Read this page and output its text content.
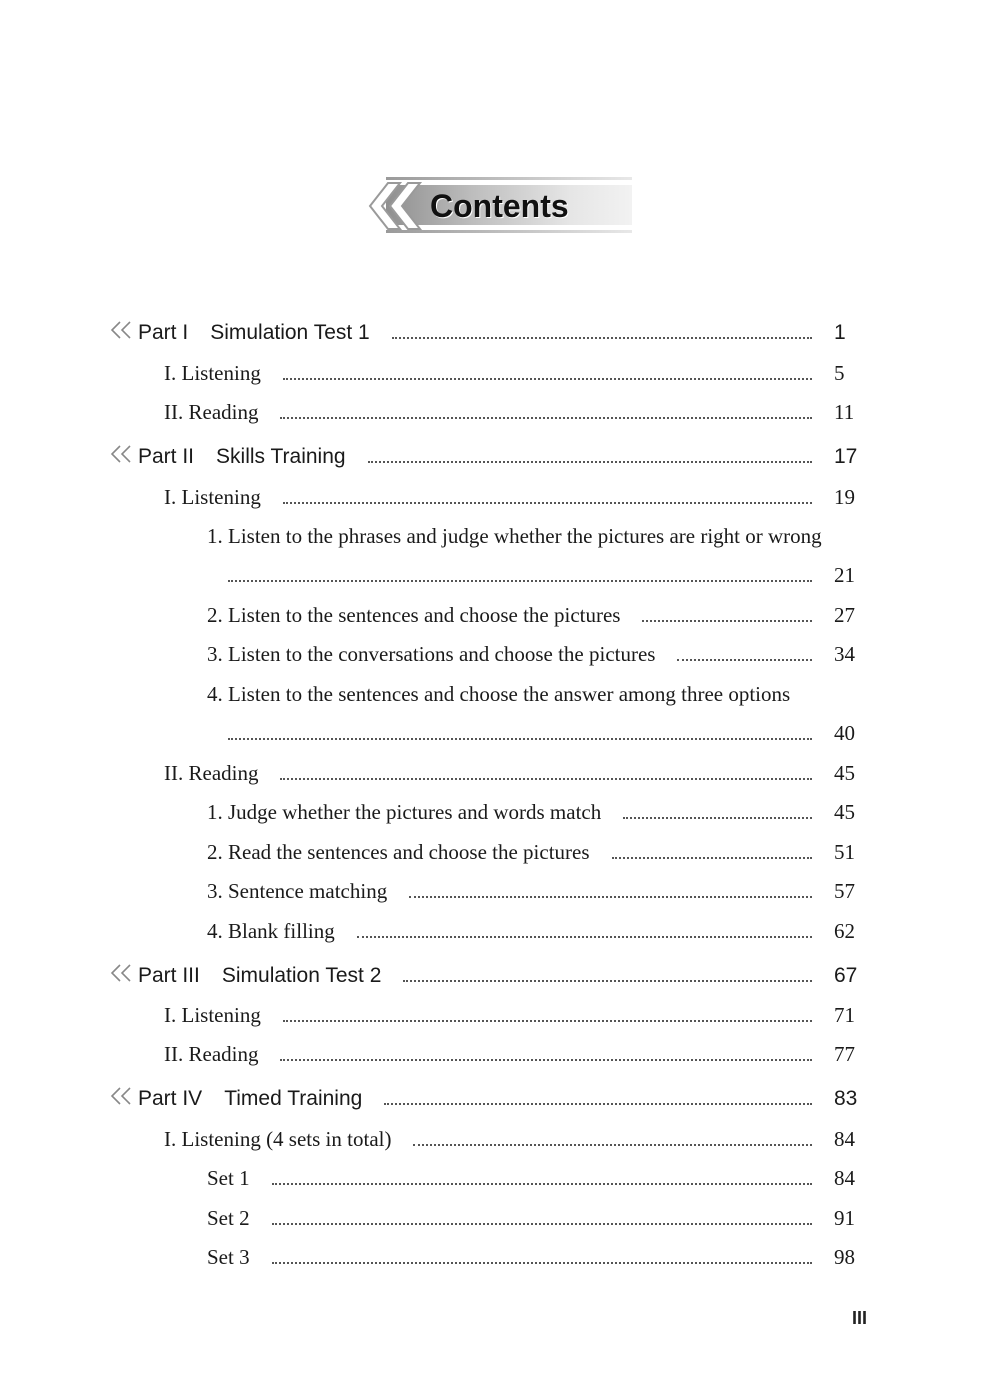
Contents
Part I Simulation Test 1	1
I. Listening	5
II. Reading	11
Part II Skills Training	17
I. Listening	19
1. Listen to the phrases and judge whether the pictures are right or wrong
21
2. Listen to the sentences and choose the pictures	27
3. Listen to the conversations and choose the pictures	34
4. Listen to the sentences and choose the answer among three options
40
II. Reading	45
1. Judge whether the pictures and words match	45
2. Read the sentences and choose the pictures	51
3. Sentence matching	57
4. Blank filling	62
Part III Simulation Test 2	67
I. Listening	71
II. Reading	77
Part IV Timed Training	83
I. Listening (4 sets in total)	84
Set 1	84
Set 2	91
Set 3	98
III
